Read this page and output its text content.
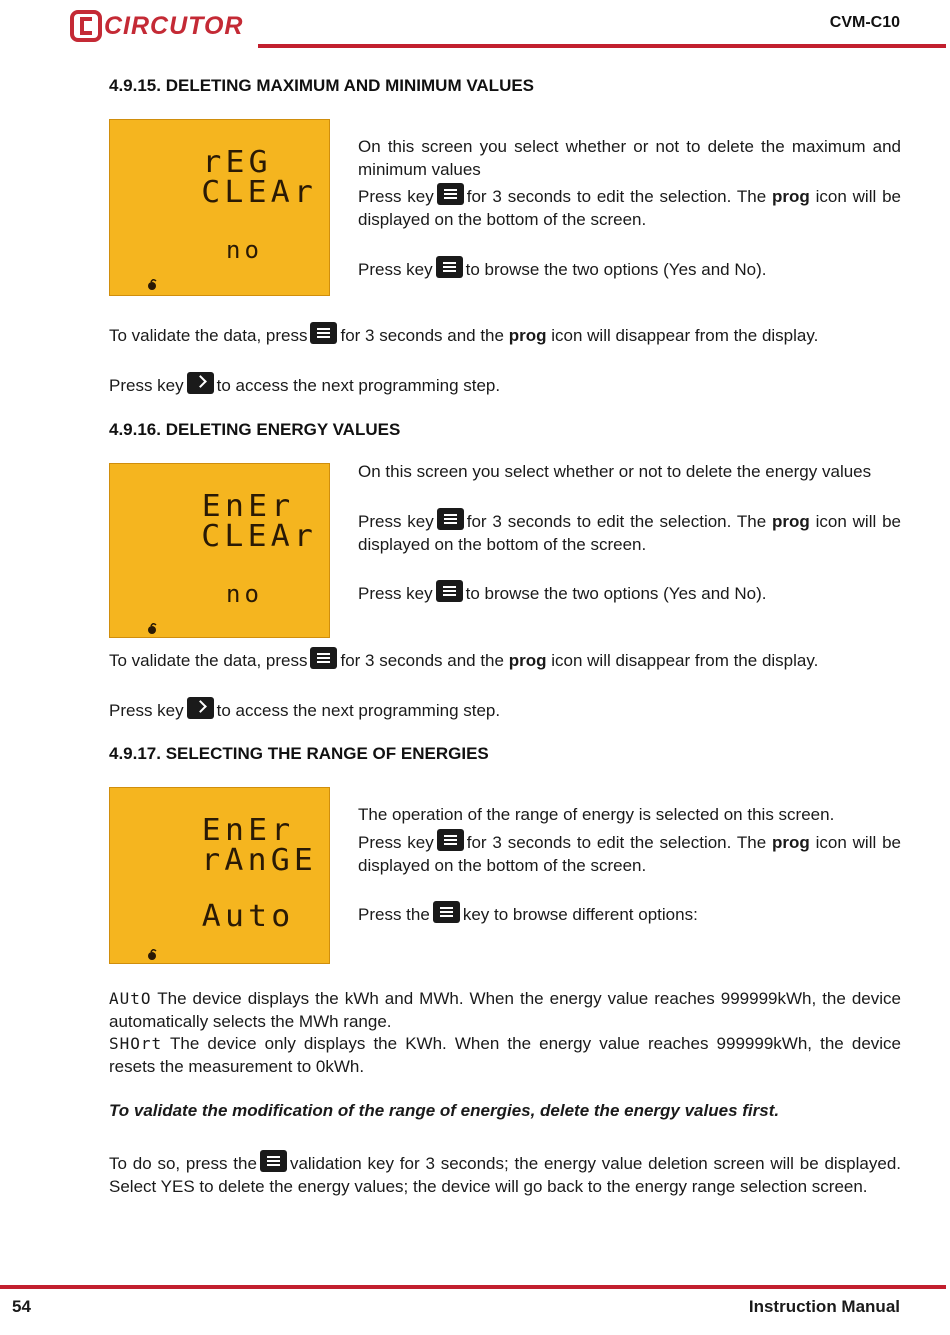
CIRCUTOR	CVM-C10
4.9.15. DELETING MAXIMUM AND MINIMUM VALUES
rEG
CLEAr
no
On this screen you select whether or not to delete the maximum and minimum values
Press key for 3 seconds to edit the selection. The prog icon will be displayed on the bottom of the screen.
Press key to browse the two options (Yes and No).
To validate the data, press for 3 seconds and the prog icon will disappear from the display.
Press key to access the next programming step.
4.9.16. DELETING ENERGY VALUES
EnEr
CLEAr
no
On this screen you select whether or not to delete the energy values
Press key for 3 seconds to edit the selection. The prog icon will be displayed on the bottom of the screen.
Press key to browse the two options (Yes and No).
To validate the data, press for 3 seconds and the prog icon will disappear from the display.
Press key to access the next programming step.
4.9.17. SELECTING THE RANGE OF ENERGIES
EnEr
rAnGE
Auto
The operation of the range of energy is selected on this screen.
Press key for 3 seconds to edit the selection. The prog icon will be displayed on the bottom of the screen.
Press the key to browse different options:
AUtO The device displays the kWh and MWh. When the energy value reaches 999999kWh, the device automatically selects the MWh range.
SHOrt The device only displays the KWh. When the energy value reaches 999999kWh, the device resets the measurement to 0kWh.
To validate the modification of the range of energies, delete the energy values first.
To do so, press the validation key for 3 seconds; the energy value deletion screen will be displayed. Select YES to delete the energy values; the device will go back to the energy range selection screen.
54	Instruction Manual
